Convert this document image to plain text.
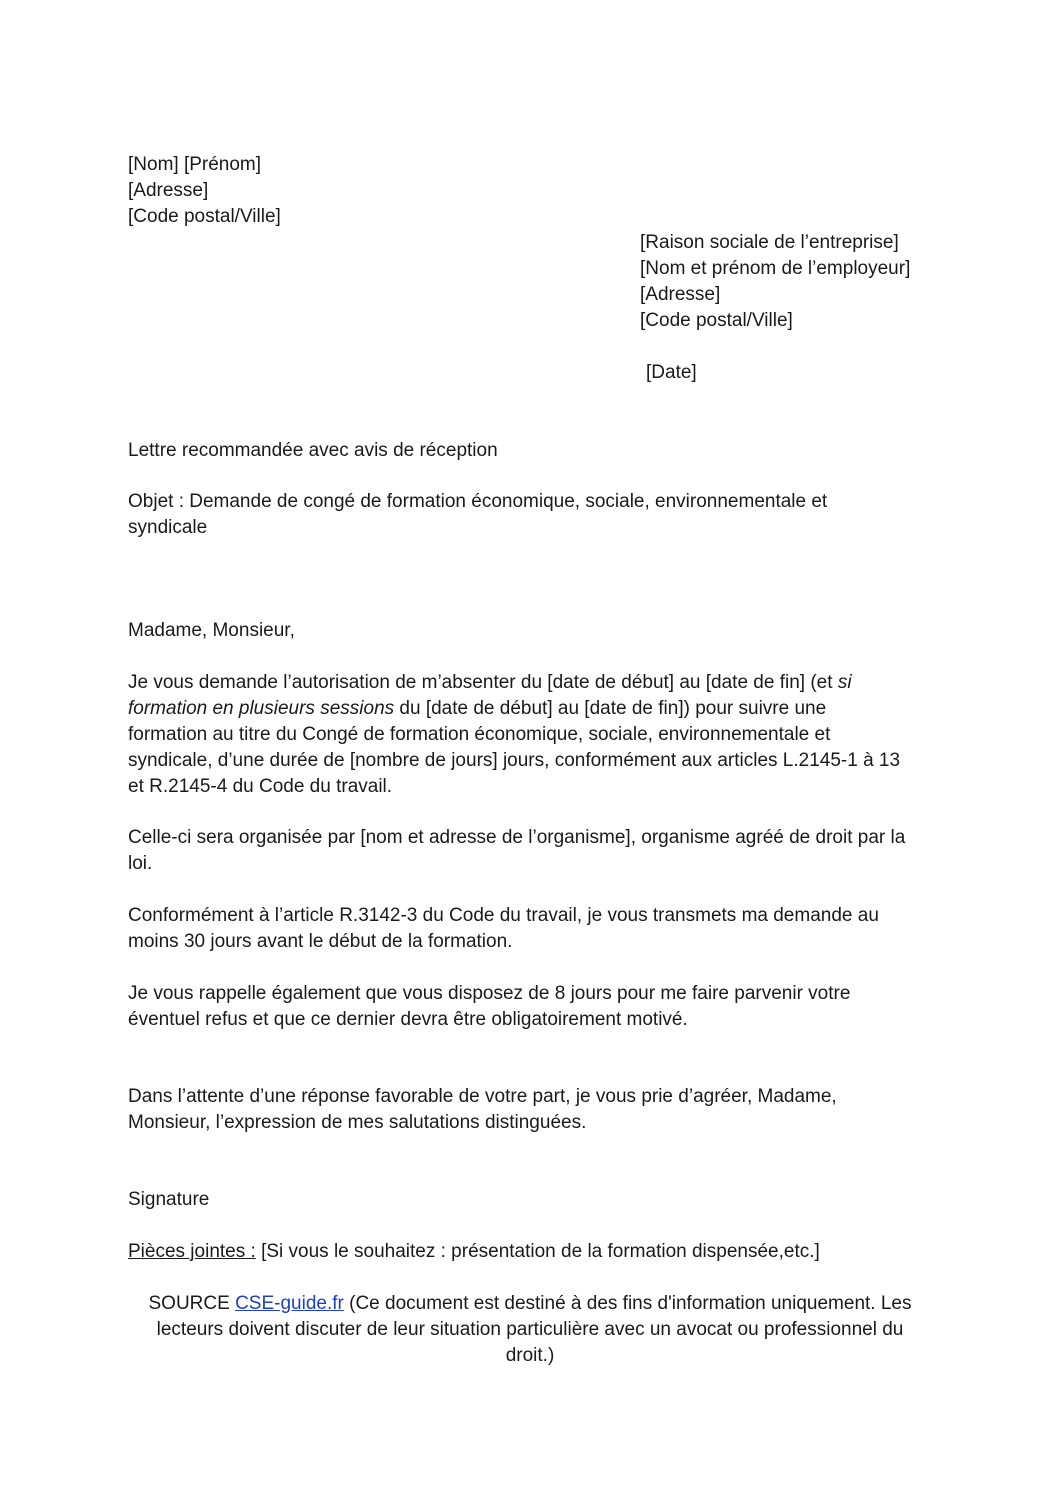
[Nom] [Prénom]
[Adresse]
[Code postal/Ville]
[Raison sociale de l’entreprise]
[Nom et prénom de l’employeur]
[Adresse]
[Code postal/Ville]
[Date]
Lettre recommandée avec avis de réception
Objet : Demande de congé de formation économique, sociale, environnementale et
syndicale
Madame, Monsieur,
Je vous demande l’autorisation de m’absenter du [date de début] au [date de fin] (et si
formation en plusieurs sessions du [date de début] au [date de fin]) pour suivre une
formation au titre du Congé de formation économique, sociale, environnementale et
syndicale, d’une durée de [nombre de jours] jours, conformément aux articles L.2145-1 à 13
et R.2145-4 du Code du travail.
Celle-ci sera organisée par [nom et adresse de l’organisme], organisme agréé de droit par la
loi.
Conformément à l’article R.3142-3 du Code du travail, je vous transmets ma demande au
moins 30 jours avant le début de la formation.
Je vous rappelle également que vous disposez de 8 jours pour me faire parvenir votre
éventuel refus et que ce dernier devra être obligatoirement motivé.
Dans l’attente d’une réponse favorable de votre part, je vous prie d’agréer, Madame,
Monsieur, l’expression de mes salutations distinguées.
Signature
Pièces jointes : [Si vous le souhaitez : présentation de la formation dispensée,etc.]
SOURCE CSE-guide.fr (Ce document est destiné à des fins d'information uniquement. Les
lecteurs doivent discuter de leur situation particulière avec un avocat ou professionnel du
droit.)
